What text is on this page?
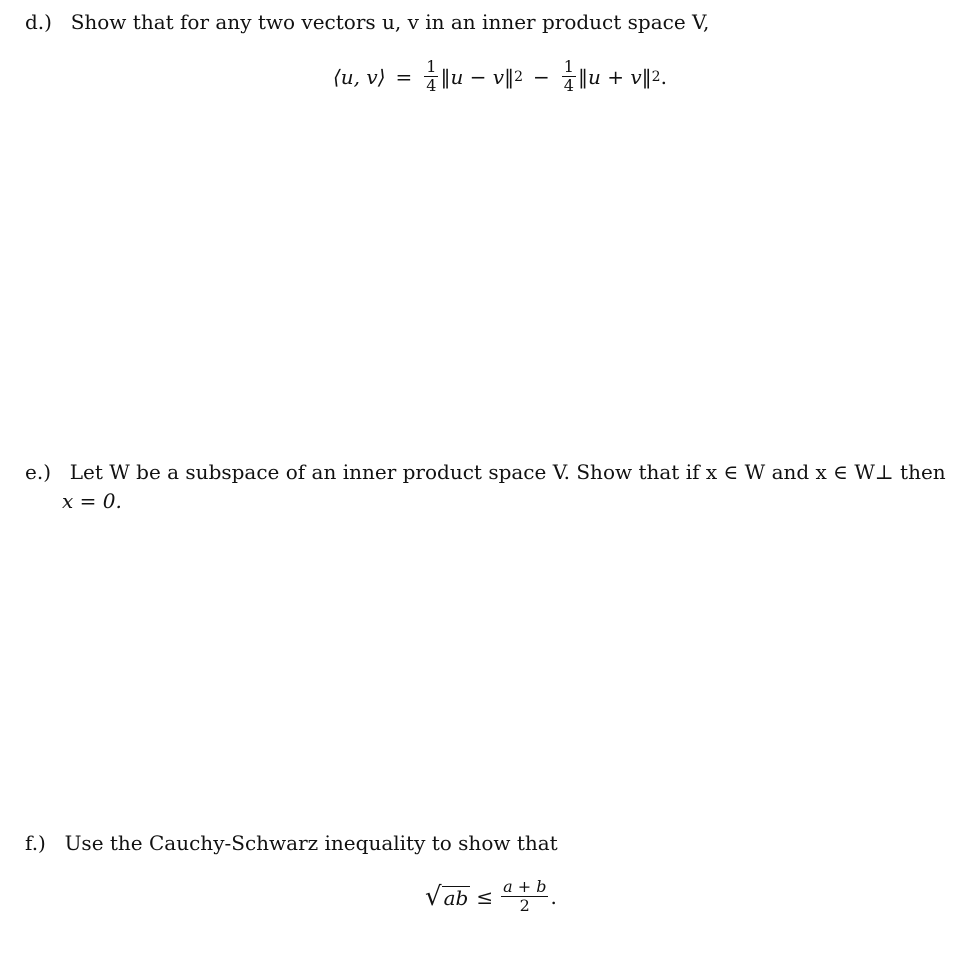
d.) Show that for any two vectors u, v in an inner product space V,
⟨u, v⟩ = $\frac{1}{4}$ ‖u − v‖ $2 - \frac{1}{4}$ ‖u + v‖ 2 .
e.) Let W be a subspace of an inner product space V. Show that if x ∈ W and x ∈ W⊥ then
x = 0.
f.) Use the Cauchy-Schwarz inequality to show that
√ ab ≤ $\frac{a + b}{2}$ .
